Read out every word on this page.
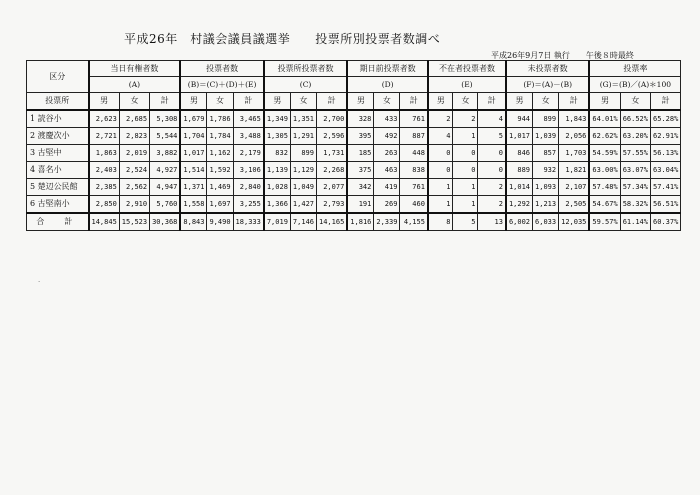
平成26年　村議会議員議選挙　　投票所別投票者数調べ
平成26年9月7日 執行　　午後８時最終
区分	当日有権者数			投票者数			投票所投票者数			期日前投票者数			不在者投票者数			未投票者数			投票率		
	(A)			(B)＝(C)＋(D)＋(E)			(C)			(D)			(E)			(F)＝(A)－(B)			(G)＝(B)／(A)＊100		
投票所	男	女	計	男	女	計	男	女	計	男	女	計	男	女	計	男	女	計	男	女	計
1 読谷小	2,623	2,685	5,308	1,679	1,786	3,465	1,349	1,351	2,700	328	433	761	2	2	4	944	899	1,843	64.01%	66.52%	65.28%
2 渡慶次小	2,721	2,823	5,544	1,704	1,784	3,488	1,305	1,291	2,596	395	492	887	4	1	5	1,017	1,039	2,056	62.62%	63.20%	62.91%
3 古堅中	1,863	2,019	3,882	1,017	1,162	2,179	832	899	1,731	185	263	448	0	0	0	846	857	1,703	54.59%	57.55%	56.13%
4 喜名小	2,403	2,524	4,927	1,514	1,592	3,106	1,139	1,129	2,268	375	463	838	0	0	0	889	932	1,821	63.00%	63.07%	63.04%
5 楚辺公民館	2,385	2,562	4,947	1,371	1,469	2,840	1,028	1,049	2,077	342	419	761	1	1	2	1,014	1,093	2,107	57.48%	57.34%	57.41%
6 古堅南小	2,850	2,910	5,760	1,558	1,697	3,255	1,366	1,427	2,793	191	269	460	1	1	2	1,292	1,213	2,505	54.67%	58.32%	56.51%
合　計	14,845	15,523	30,368	8,843	9,490	18,333	7,019	7,146	14,165	1,816	2,339	4,155	8	5	13	6,002	6,033	12,035	59.57%	61.14%	60.37%
·
